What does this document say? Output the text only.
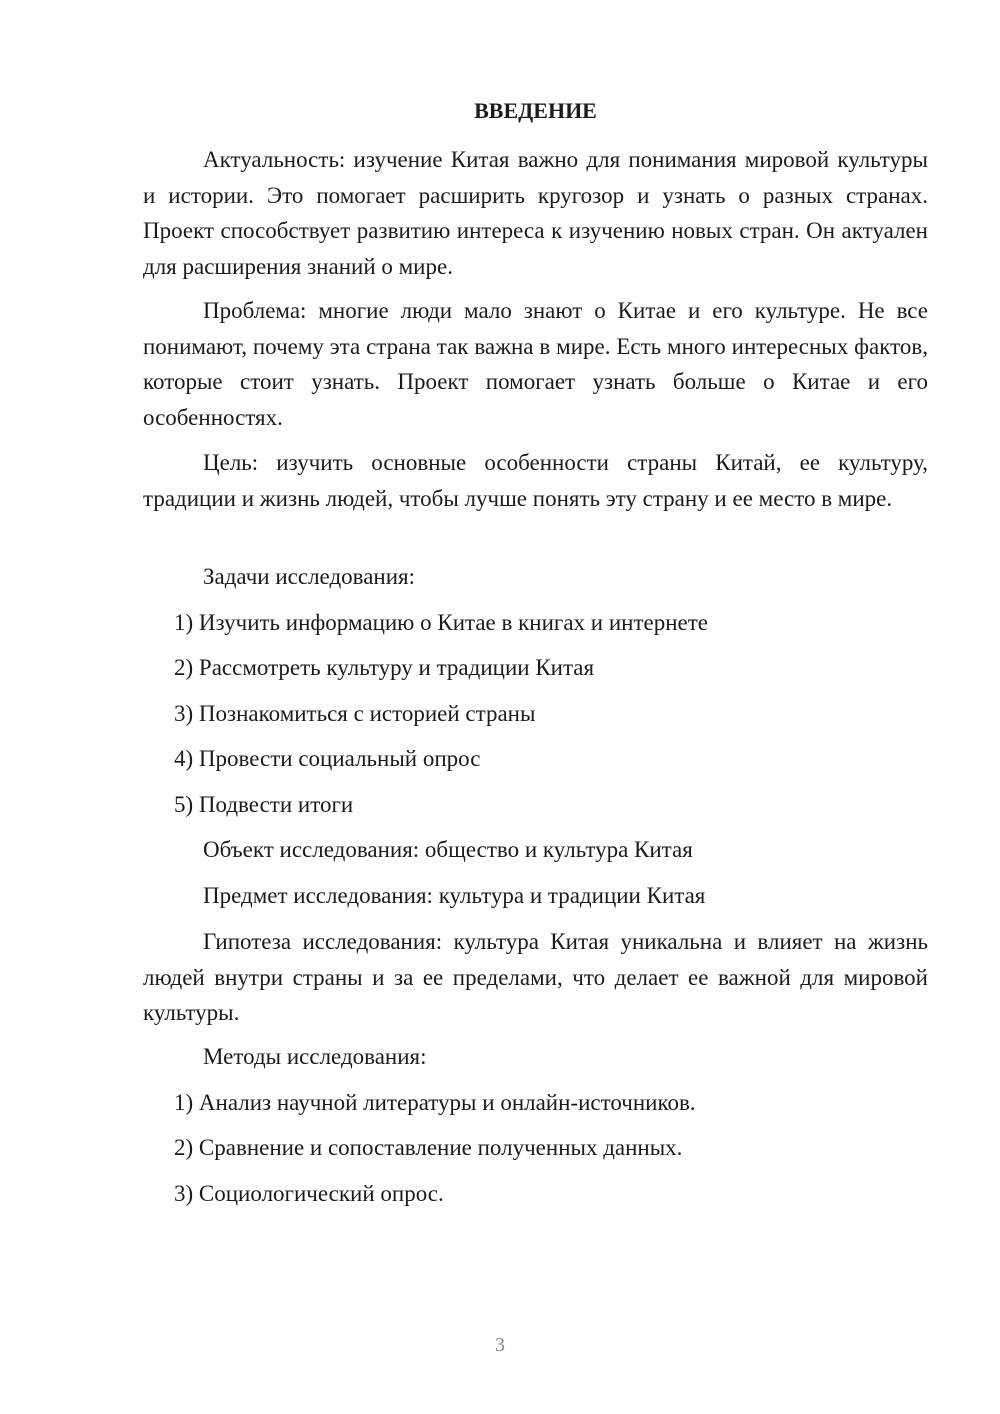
ВВЕДЕНИЕ

Актуальность: изучение Китая важно для понимания мировой культуры и истории. Это помогает расширить кругозор и узнать о разных странах. Проект способствует развитию интереса к изучению новых стран. Он актуален для расширения знаний о мире.

Проблема: многие люди мало знают о Китае и его культуре. Не все понимают, почему эта страна так важна в мире. Есть много интересных фактов, которые стоит узнать. Проект помогает узнать больше о Китае и его особенностях.

Цель: изучить основные особенности страны Китай, ее культуру, традиции и жизнь людей, чтобы лучше понять эту страну и ее место в мире.

Задачи исследования:

1) Изучить информацию о Китае в книгах и интернете

2) Рассмотреть культуру и традиции Китая

3) Познакомиться с историей страны

4) Провести социальный опрос

5) Подвести итоги

Объект исследования: общество и культура Китая

Предмет исследования: культура и традиции Китая

Гипотеза исследования: культура Китая уникальна и влияет на жизнь людей внутри страны и за ее пределами, что делает ее важной для мировой культуры.

Методы исследования:

1) Анализ научной литературы и онлайн-источников.

2) Сравнение и сопоставление полученных данных.

3) Социологический опрос.

3
